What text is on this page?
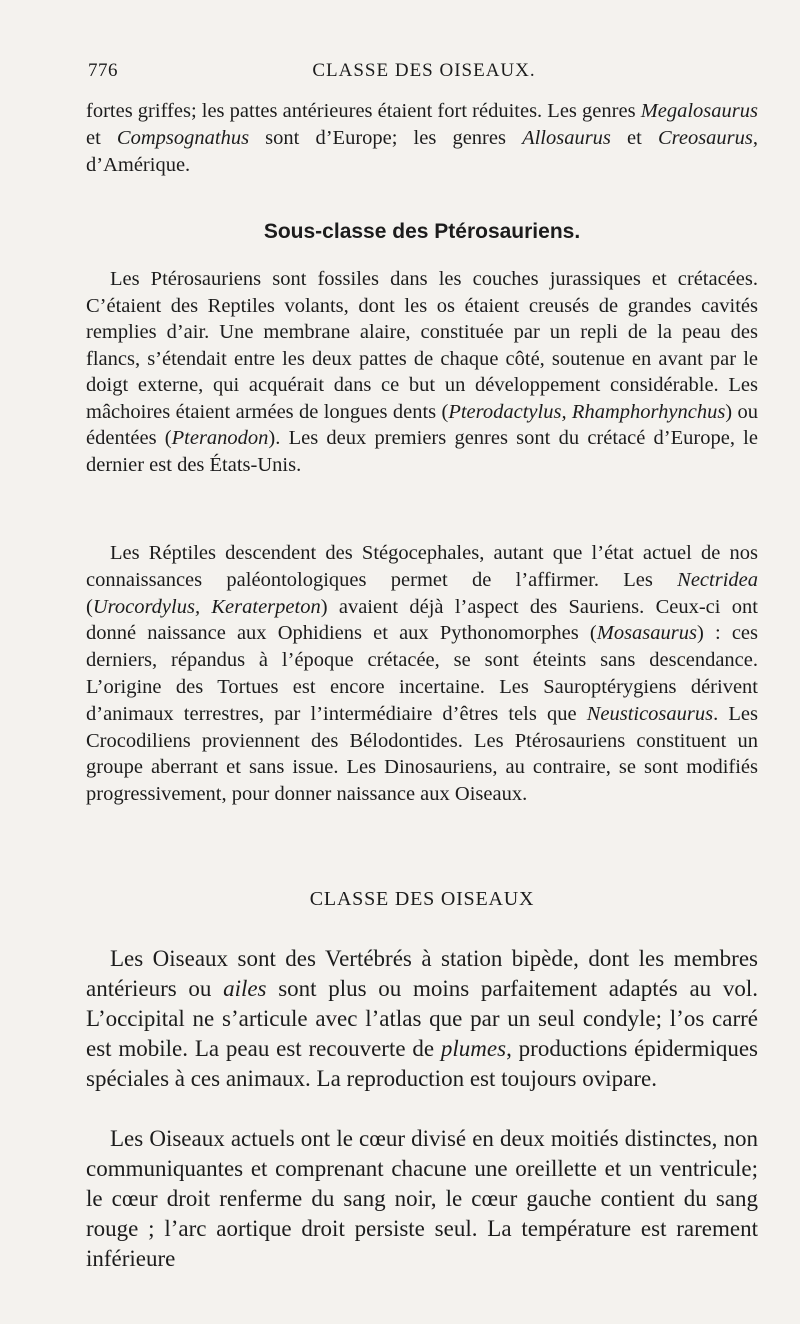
776	CLASSE DES OISEAUX.

fortes griffes; les pattes antérieures étaient fort réduites. Les genres Megalosaurus et Compsognathus sont d’Europe; les genres Allosaurus et Creosaurus, d’Amérique.

Sous-classe des Ptérosauriens.

Les Ptérosauriens sont fossiles dans les couches jurassiques et crétacées. C’étaient des Reptiles volants, dont les os étaient creusés de grandes cavités remplies d’air. Une membrane alaire, constituée par un repli de la peau des flancs, s’étendait entre les deux pattes de chaque côté, soutenue en avant par le doigt externe, qui acquérait dans ce but un développement considérable. Les mâchoires étaient armées de longues dents (Pterodactylus, Rhamphorhynchus) ou édentées (Pteranodon). Les deux premiers genres sont du crétacé d’Europe, le dernier est des États-Unis.

Les Réptiles descendent des Stégocephales, autant que l’état actuel de nos connaissances paléontologiques permet de l’affirmer. Les Nectridea (Urocordylus, Keraterpeton) avaient déjà l’aspect des Sauriens. Ceux-ci ont donné naissance aux Ophidiens et aux Pythonomorphes (Mosasaurus) : ces derniers, répandus à l’époque crétacée, se sont éteints sans descendance. L’origine des Tortues est encore incertaine. Les Sauroptérygiens dérivent d’animaux terrestres, par l’intermédiaire d’êtres tels que Neusticosaurus. Les Crocodiliens proviennent des Bélodontides. Les Ptérosauriens constituent un groupe aberrant et sans issue. Les Dinosauriens, au contraire, se sont modifiés progressivement, pour donner naissance aux Oiseaux.

CLASSE DES OISEAUX

Les Oiseaux sont des Vertébrés à station bipède, dont les membres antérieurs ou ailes sont plus ou moins parfaitement adaptés au vol. L’occipital ne s’articule avec l’atlas que par un seul condyle; l’os carré est mobile. La peau est recouverte de plumes, productions épidermiques spéciales à ces animaux. La reproduction est toujours ovipare.

Les Oiseaux actuels ont le cœur divisé en deux moitiés distinctes, non communiquantes et comprenant chacune une oreillette et un ventricule; le cœur droit renferme du sang noir, le cœur gauche contient du sang rouge ; l’arc aortique droit persiste seul. La température est rarement inférieure
